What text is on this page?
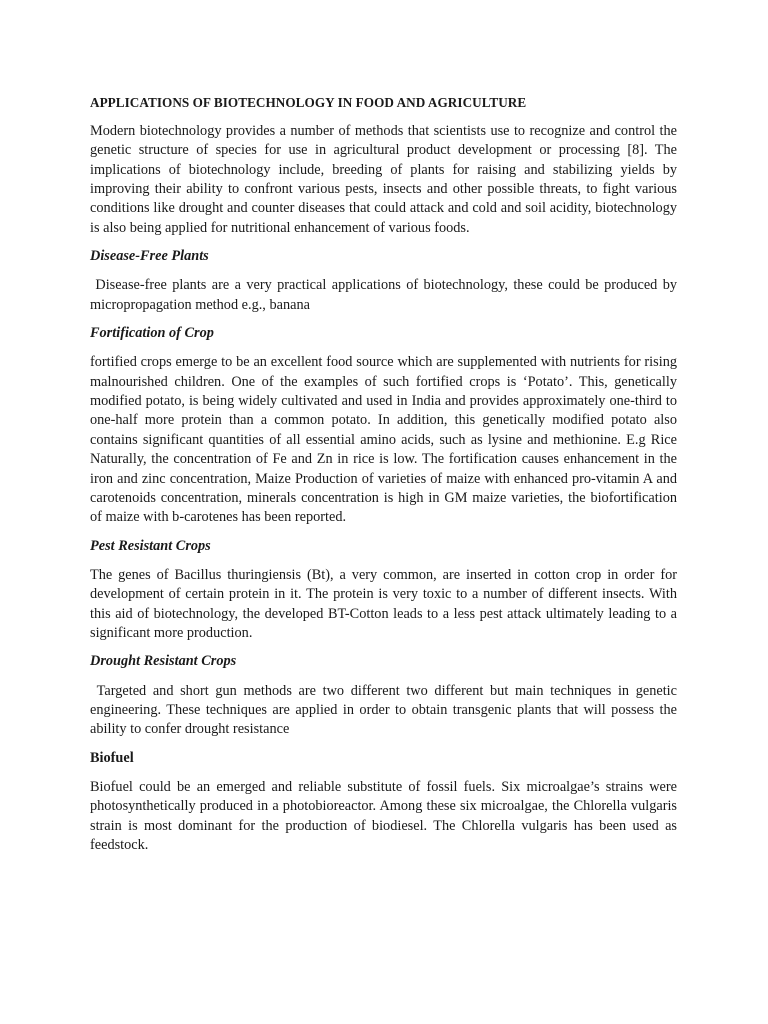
APPLICATIONS OF BIOTECHNOLOGY IN FOOD AND AGRICULTURE

Modern biotechnology provides a number of methods that scientists use to recognize and control the genetic structure of species for use in agricultural product development or processing [8]. The implications of biotechnology include, breeding of plants for raising and stabilizing yields by improving their ability to confront various pests, insects and other possible threats, to fight various conditions like drought and counter diseases that could attack and cold and soil acidity, biotechnology is also being applied for nutritional enhancement of various foods.

Disease-Free Plants

Disease-free plants are a very practical applications of biotechnology, these could be produced by micropropagation method e.g., banana

Fortification of Crop

fortified crops emerge to be an excellent food source which are supplemented with nutrients for rising malnourished children. One of the examples of such fortified crops is ‘Potato’. This, genetically modified potato, is being widely cultivated and used in India and provides approximately one-third to one-half more protein than a common potato. In addition, this genetically modified potato also contains significant quantities of all essential amino acids, such as lysine and methionine. E.g Rice Naturally, the concentration of Fe and Zn in rice is low. The fortification causes enhancement in the iron and zinc concentration, Maize Production of varieties of maize with enhanced pro-vitamin A and carotenoids concentration, minerals concentration is high in GM maize varieties, the biofortification of maize with b-carotenes has been reported.

Pest Resistant Crops

The genes of Bacillus thuringiensis (Bt), a very common, are inserted in cotton crop in order for development of certain protein in it. The protein is very toxic to a number of different insects. With this aid of biotechnology, the developed BT-Cotton leads to a less pest attack ultimately leading to a significant more production.

Drought Resistant Crops

Targeted and short gun methods are two different two different but main techniques in genetic engineering. These techniques are applied in order to obtain transgenic plants that will possess the ability to confer drought resistance

Biofuel

Biofuel could be an emerged and reliable substitute of fossil fuels. Six microalgae’s strains were photosynthetically produced in a photobioreactor. Among these six microalgae, the Chlorella vulgaris strain is most dominant for the production of biodiesel. The Chlorella vulgaris has been used as feedstock.
